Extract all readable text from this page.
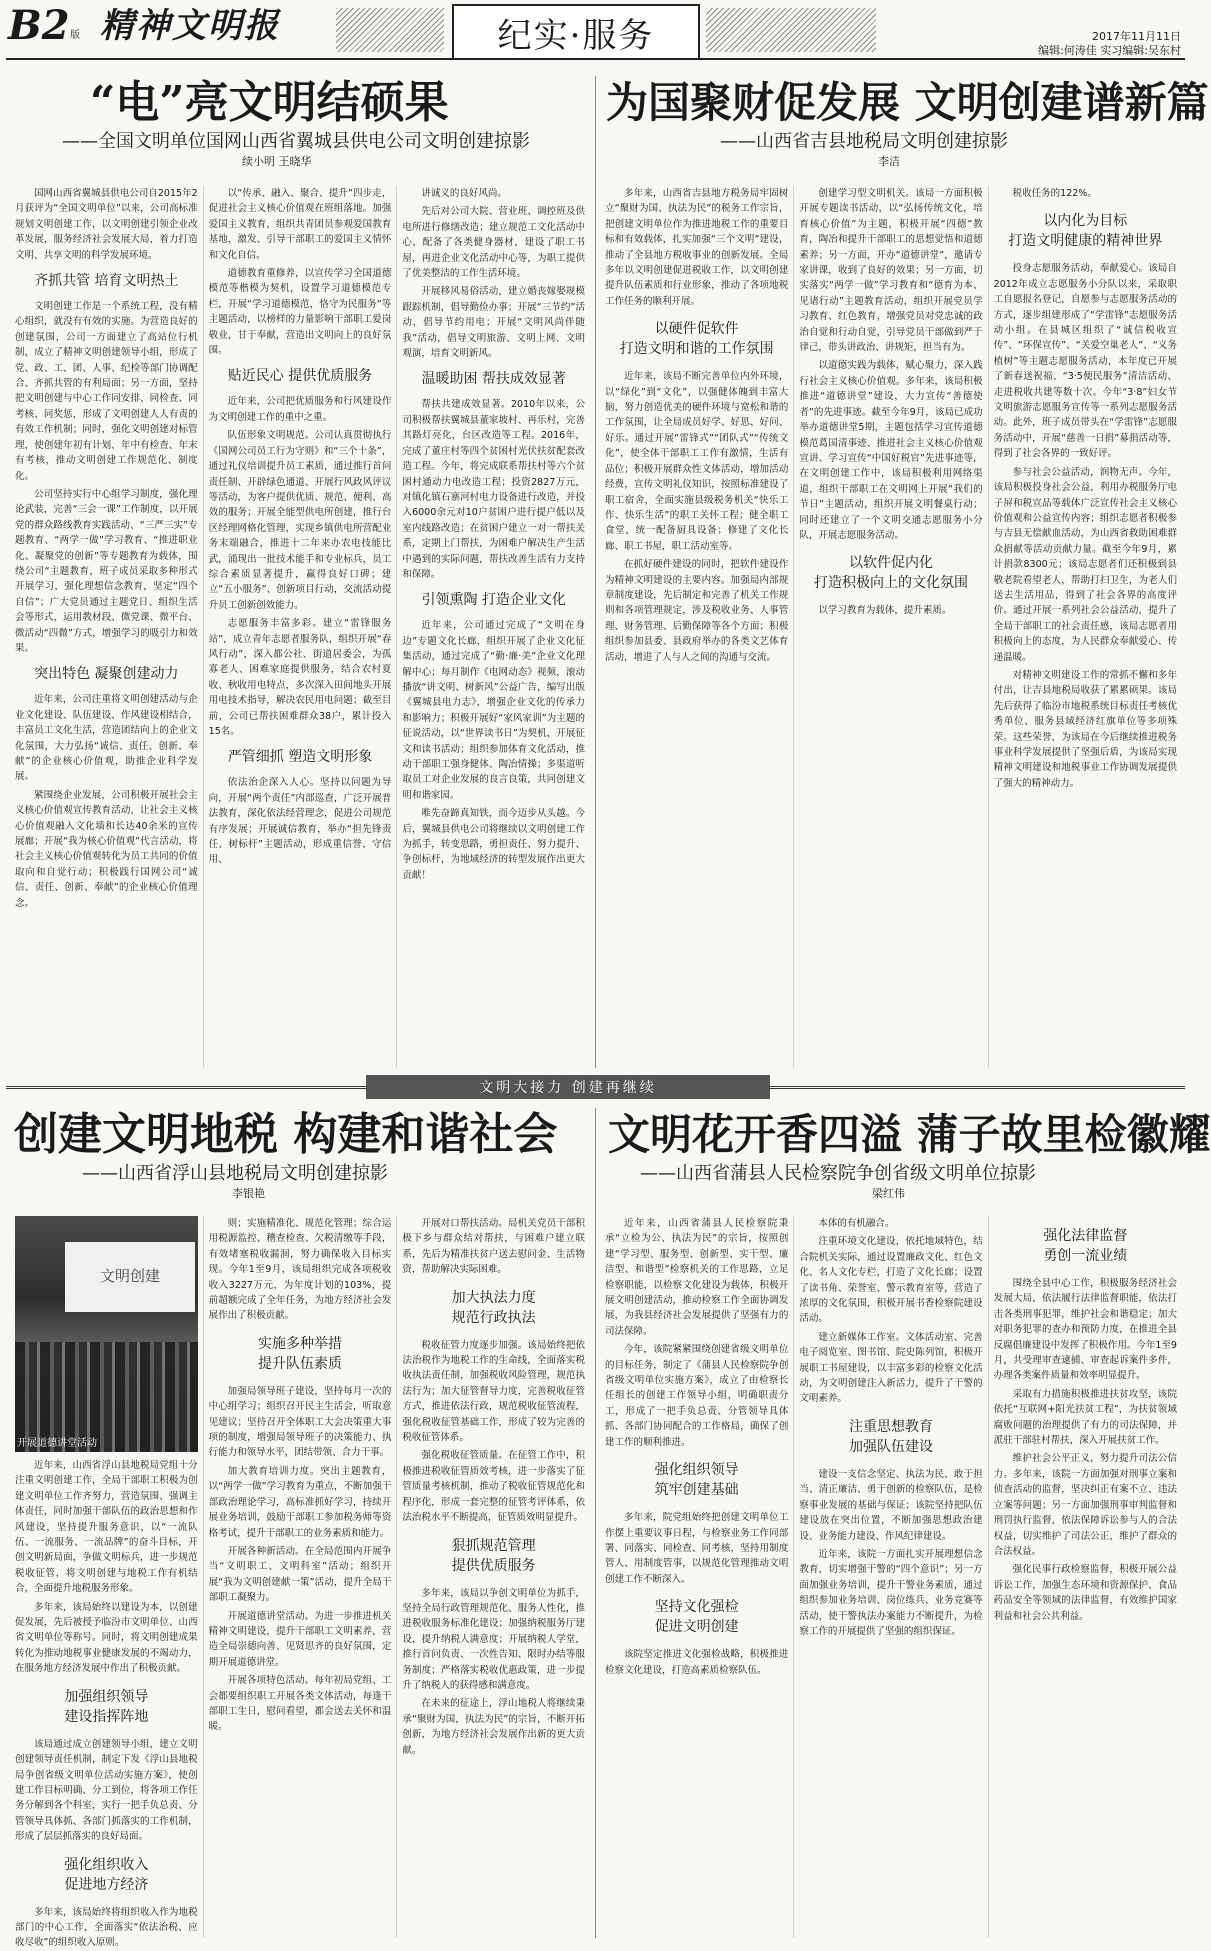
B2 版 精神文明报	纪实·服务	2017年11月11日
编辑:何涛佳 实习编辑:吴东村
“电”亮文明结硕果
——全国文明单位国网山西省翼城县供电公司文明创建掠影
续小明 王晓华

国网山西省翼城县供电公司自2015年2月获评为“全国文明单位”以来，公司高标准规划文明创建工作，以文明创建引领企业改革发展，服务经济社会发展大局，着力打造文明、共享文明的科学发展环境。

齐抓共管 培育文明热土

文明创建工作是一个系统工程，没有精心组织，就没有有效的实施。为营造良好的创建氛围，公司一方面建立了高站位行机制，成立了精神文明创建领导小组，形成了党、政、工、团、人事、纪检等部门协调配合、齐抓共管的有利局面；另一方面，坚持把文明创建与中心工作同安排、同检查、同考核、同奖惩，形成了文明创建人人有责的有效工作机制；同时，强化文明创建对标管理，使创建年初有计划、年中有检查、年末有考核，推动文明创建工作规范化、制度化。

公司坚持实行中心组学习制度，强化理论武装，完善“三会一课”工作制度，以开展党的群众路线教育实践活动、“三严三实”专题教育、“两学一做”学习教育、“推进职业化、凝聚党的创新”等专题教育为载体，围绕公司“主题教育，班子成员采取多种形式开展学习，强化理想信念教育，坚定“四个自信”；广大党员通过主题党日、组织生活会等形式，运用教材段、微党课、微平台、微活动“四微”方式，增强学习的吸引力和效果。

突出特色 凝聚创建动力

近年来，公司注重将文明创建活动与企业文化建设、队伍建设、作风建设相结合，丰富员工文化生活，营造团结向上的企业文化氛围，大力弘扬“诚信、责任、创新、奉献”的企业核心价值观，助推企业科学发展。

紧围绕企业发展，公司积极开展社会主义核心价值观宣传教育活动，让社会主义核心价值观融入文化墙和长达40余米的宣传展廊；开展“我为核心价值观”代言活动，将社会主义核心价值观转化为员工共同的价值取向和自觉行动；积极践行国网公司“诚信、责任、创新、奉献”的企业核心价值理念。

以“传承、融入、聚合、提升”四步走，促进社会主义核心价值观在班组落地。加强爱国主义教育，组织共青团员参观爱国教育基地，激发、引导干部职工的爱国主义情怀和文化自信。

道德教育重修养，以宣传学习全国道德模范等楷模为契机，设置学习道德模范专栏，开展“学习道德模范，恪守为民服务”等主题活动，以榜样的力量影响干部职工爱岗敬业，甘于奉献，营造出文明向上的良好氛围。

贴近民心 提供优质服务

近年来，公司把优质服务和行风建设作为文明创建工作的重中之重。

队伍形象文明规范。公司认真贯彻执行《国网公司员工行为守则》和“三个十条”，通过礼仪培训提升员工素质，通过推行首问责任制、开辟绿色通道、开展行风政风评议等活动，为客户提供优质、规范、便利、高效的服务；开展全能型供电所创建，推行台区经理网格化管理，实现乡镇供电所营配业务末端融合，推进十二年来办农电技能比武，涌现出一批技术能手和专业标兵，员工综合素质显著提升，赢得良好口碑；建立“五小服务”、创新项目行动，交流活动提升员工创新创效能力。

志愿服务丰富多彩。建立“雷锋服务站”，成立青年志愿者服务队，组织开展“春风行动”，深入都公社、街道居委会，为孤寡老人、困难家庭提供服务，结合农村夏收、秋收用电特点，多次深入田间地头开展用电技术指导，解决农民用电问题；截至目前，公司已帮扶困难群众38户，累计投入15名。

严管细抓 塑造文明形象

依法治企深入人心。坚持以问题为导向，开展“两个责任”内部巡查，广泛开展普法教育，深化依法经营理念，促进公司规范有序发展；开展诚信教育，举办“担先锋责任、树标杆”主题活动，形成重信誉、守信用、

讲诚义的良好风尚。

先后对公司大院、营业班、调控班及供电所进行修缮改造；建立规范工文化活动中心，配备了各类健身器材，建设了职工书屋，再进企业文化活动中心等，为职工提供了优美整洁的工作生活环境。

开展移风易俗活动，建立婚丧嫁娶规模跟踪机制，倡导勤俭办事；开展“三节约”活动，倡导节约用电；开展“文明风尚伴随我”活动，倡导文明旅游、文明上网、文明观演，培育文明新风。

温暖助困 帮扶成效显著

帮扶共建成效显著。2010年以来，公司积极帮扶翼城县董家坡村、再乐村，完善其路灯亮化，台区改造等工程。2016年，完成了董庄村等四个贫困村光伏扶贫配套改造工程。今年，将完成联系帮扶村等六个贫困村通动力电改造工程；投资2827万元，对镇化镇石寨河村电力设备进行改造，并投入6000余元对10户贫困户进行提户低以及室内线路改造；在贫困户建立一对一帮扶关系，定期上门帮扶，为困难户解决生产生活中遇到的实际问题，帮扶改善生活有力支持和保障。

引领熏陶 打造企业文化

近年来，公司通过完成了“文明在身边”专题文化长廊，组织开展了企业文化征集活动，通过完成了“勤·廉·美”企业文化理解中心；每月制作《电网动态》视频，滚动播放“讲文明、树新风”公益广告，编写出版《翼城县电力志》，增强企业文化的传承力和影响力；积极开展好“家风家训”为主题的征说活动，以“世界读书日”为契机，开展征文和读书活动；组织参加体育文化活动，推动干部职工强身健体、陶冶情操；多渠道听取员工对企业发展的良言良策，共同创建文明和谐家园。

唯先奋蹄真知铁，而今迈步从头越。今后，翼城县供电公司将继续以文明创建工作为抓手，转变思路，勇担责任、努力提升、争创标杆，为地域经济的转型发展作出更大贡献！

为国聚财促发展 文明创建谱新篇
——山西省吉县地税局文明创建掠影
李洁

多年来，山西省吉县地方税务局牢固树立“聚财为国、执法为民”的税务工作宗旨，把创建文明单位作为推进地税工作的重要目标和有效载体，扎实加强“三个文明”建设，推动了全县地方税收事业的创新发展。全局多年以文明创建促进税收工作，以文明创建提升队伍素质和行业形象，推动了各项地税工作任务的顺利开展。

以硬件促软件
打造文明和谐的工作氛围

近年来，该局不断完善单位内外环境，以“绿化”到“文化”，以强健体魄到丰富大脑，努力创造优美的硬件环境与宽松和谐的工作氛围，让全局成员好学、好思、好问、好乐。通过开展“雷锋式”“团队式”“传统文化”，使全体干部职工工作有激情，生活有品位；积极开展群众性文体活动，增加活动经费，宣传文明礼仪知识，按照标准建设了职工宿舍，全面实施县级税务机关“快乐工作、快乐生活”的职工关怀工程；健全职工食堂，统一配备厨具设备；修建了文化长廊、职工书屋，职工活动室等。

在抓好硬件建设的同时，把软件建设作为精神文明建设的主要内容。加强局内部规章制度建设，先后制定和完善了机关工作规则和各项管理规定，涉及税收业务、人事管理、财务管理、后勤保障等各个方面；积极组织参加县委、县政府举办的各类文艺体育活动，增进了人与人之间的沟通与交流。

创建学习型文明机关。该局一方面积极开展专题读书活动，以“弘扬传统文化，培育核心价值”为主题，积极开展“四德”教育，陶冶和提升干部职工的思想觉悟和道德素养；另一方面，开办“道德讲堂”，邀请专家讲课，收到了良好的效果；另一方面，切实落实“两学一做”学习教育和“德育为本、见诸行动”主题教育活动，组织开展党员学习教育、红色教育，增强党员对党忠诚的政治自觉和行动自觉，引导党员干部做到严于律己，带头讲政治、讲规矩，担当有为。

以道德实践为载体，赋心聚力，深入践行社会主义核心价值观。多年来，该局积极推进“道德讲堂”建设，大力宣传“善德使者”的先进事迹。截至今年9月，该局已成功举办道德讲堂5期，主题包括学习宣传道德模范葛国清事迹、推进社会主义核心价值观宣讲、学习宣传“中国好税官”先进事迹等，在文明创建工作中，该局积极利用网络渠道，组织干部职工在文明网上开展“我们的节日”主题活动，组织开展文明餐桌行动；同时还建立了一个文明交通志愿服务小分队，开展志愿服务活动。

以软件促内化
打造积极向上的文化氛围

以学习教育为载体，提升素质。

税收任务的122%。

以内化为目标
打造文明健康的精神世界

投身志愿服务活动，奉献爱心。该局自2012年成立志愿服务小分队以来，采取职工自愿报名登记，自愿参与志愿服务活动的方式，逐步组建形成了“学雷锋”志愿服务活动小组。在县城区组织了“诚信税收宣传”、“环保宣传”、“关爱空巢老人”、“义务植树”等主题志愿服务活动，本年度已开展了新春送祝福、“3·5便民服务”清洁活动、走进税收共建等数十次。今年“3·8”妇女节文明旅游志愿服务宣传等一系列志愿服务活动。此外，班子成员带头在“学雷锋”志愿服务活动中，开展“慈善一日捐”募捐活动等，得到了社会各界的一致好评。

参与社会公益活动，润物无声。今年，该局积极投身社会公益，利用办税服务厅电子屏和税宣品等载体广泛宣传社会主义核心价值观和公益宣传内容；组织志愿者积极参与吉县无偿献血活动，为山西省救助困难群众捐献等活动贡献力量。截至今年9月，累计捐款8300元；该局志愿者们还积极到县敬老院看望老人，帮助打扫卫生，为老人们送去生活用品，得到了社会各界的高度评价。通过开展一系列社会公益活动，提升了全局干部职工的社会责任感，该局志愿者用积极向上的态度，为人民群众奉献爱心、传递温暖。

对精神文明建设工作的常抓不懈和多年付出，让吉县地税局收获了累累硕果。该局先后获得了临汾市地税系统目标责任考核优秀单位、服务县域经济红旗单位等多项殊荣。这些荣誉，为该局在今后继续推进税务事业科学发展提供了坚强后盾，为该局实现精神文明建设和地税事业工作协调发展提供了强大的精神动力。

文明大接力 创建再继续
创建文明地税 构建和谐社会
——山西省浮山县地税局文明创建掠影
李银艳
文明创建
开展道德讲堂活动

近年来，山西省浮山县地税局党组十分注重文明创建工作，全局干部职工积极为创建文明单位工作齐努力，营造氛围、强调主体责任，同时加强干部队伍的政治思想和作风建设，坚持提升服务意识，以“一流队伍、一流服务、一流品牌”的奋斗目标，开创文明新局面，争做文明标兵，进一步规范税收征管，将文明创建与地税工作有机结合，全面提升地税服务形象。

多年来，该局始终以建设为本，以创建促发展，先后被授予临汾市文明单位、山西省文明单位等称号。同时，将文明创建成果转化为推动地税事业健康发展的不竭动力，在服务地方经济发展中作出了积极贡献。

加强组织领导
建设指挥阵地

该局通过成立创建领导小组，建立文明创建领导责任机制，制定下发《浮山县地税局争创省级文明单位活动实施方案》，使创建工作目标明确、分工到位，将各项工作任务分解到各个科室，实行一把手负总责、分管领导具体抓、各部门抓落实的工作机制，形成了层层抓落实的良好局面。

强化组织收入
促进地方经济

多年来，该局始终将组织收入作为地税部门的中心工作，全面落实“依法治税、应收尽收”的组织收入原则。

则；实施精准化、规范化管理；综合运用税源监控、稽查检查、欠税清缴等手段，有效堵塞税收漏洞，努力确保收入目标实现。今年1至9月，该局组织完成各项税收收入3227万元，为年度计划的103%，提前超额完成了全年任务，为地方经济社会发展作出了积极贡献。

实施多种举措
提升队伍素质

加强局领导班子建设，坚持每月一次的中心组学习；组织召开民主生活会，听取意见建议；坚持召开全体职工大会决策重大事项的制度，增强局领导班子的决策能力、执行能力和领导水平，团结带领、合力干事。

加大教育培训力度。突出主题教育，以“两学一做”学习教育为重点，不断加强干部政治理论学习，高标准抓好学习，持续开展业务培训，鼓励干部职工参加税务师等资格考试，提升干部职工的业务素质和能力。

开展各种新活动。在全局范围内开展争当“文明职工、文明科室”活动；组织开展“我为文明创建献一策”活动，提升全局干部职工凝聚力。

开展道德讲堂活动。为进一步推进机关精神文明建设，提升干部职工文明素养，营造全局崇德向善、见贤思齐的良好氛围，定期开展道德讲堂。

开展各项特色活动。每年初局党组、工会都要组织职工开展各类文体活动，每逢干部职工生日，慰问看望，都会送去关怀和温暖。

开展对口帮扶活动。局机关党员干部积极下乡与群众结对帮扶，与困难户建立联系，先后为精准扶贫户送去慰问金、生活物资，帮助解决实际困难。

加大执法力度
规范行政执法

税收征管力度逐步加强。该局始终把依法治税作为地税工作的生命线，全面落实税收执法责任制，加强税收风险管理，规范执法行为；加大征管督导力度，完善税收征管方式，推进依法行政，规范税收征管流程，强化税收征管基础工作，形成了较为完善的税收征管体系。

强化税收征管质量。在征管工作中，积极推进税收征管质效考核，进一步落实了征管质量考核机制，推动了税收征管规范化和程序化，形成一套完整的征管考评体系，依法治税水平不断提高，征管质效明显提升。

狠抓规范管理
提供优质服务

多年来，该局以争创文明单位为抓手，坚持全局行政管理规范化、服务人性化，推进税收服务标准化建设；加强纳税服务厅建设，提升纳税人满意度；开展纳税人学堂，推行首问负责、一次性告知、限时办结等服务制度；严格落实税收优惠政策，进一步提升了纳税人的获得感和满意度。

在未来的征途上，浮山地税人将继续秉承“聚财为国，执法为民”的宗旨，不断开拓创新，为地方经济社会发展作出新的更大贡献。

文明花开香四溢 蒲子故里检徽耀
——山西省蒲县人民检察院争创省级文明单位掠影
梁红伟

近年来，山西省蒲县人民检察院秉承“立检为公、执法为民”的宗旨，按照创建“学习型、服务型、创新型、实干型、廉洁型、和谐型”检察机关的工作思路，立足检察职能，以检察文化建设为载体，积极开展文明创建活动，推动检察工作全面协调发展，为我县经济社会发展提供了坚强有力的司法保障。

今年，该院紧紧围绕创建省级文明单位的目标任务，制定了《蒲县人民检察院争创省级文明单位实施方案》，成立了由检察长任组长的创建工作领导小组，明确职责分工，形成了一把手负总责、分管领导具体抓、各部门协同配合的工作格局，确保了创建工作的顺利推进。

强化组织领导
筑牢创建基础

多年来，院党组始终把创建文明单位工作摆上重要议事日程，与检察业务工作同部署、同落实、同检查、同考核，坚持用制度管人、用制度管事，以规范化管理推动文明创建工作不断深入。

坚持文化强检
促进文明创建

该院坚定推进文化强检战略，积极推进检察文化建设，打造高素质检察队伍。

本体的有机融合。

注重环境文化建设，依托地域特色，结合院机关实际，通过设置廉政文化、红色文化、名人文化专栏，打造了文化长廊；设置了读书角、荣誉室、警示教育室等，营造了浓厚的文化氛围，积极开展书香检察院建设活动。

建立新媒体工作室。文体活动室、完善电子阅览室、图书馆、院史陈列馆，积极开展职工书屋建设，以丰富多彩的检察文化活动，为文明创建注入新活力，提升了干警的文明素养。

注重思想教育
加强队伍建设

建设一支信念坚定、执法为民、敢于担当、清正廉洁、勇于创新的检察队伍，是检察事业发展的基础与保证；该院坚持把队伍建设放在突出位置，不断加强思想政治建设、业务能力建设、作风纪律建设。

近年来，该院一方面扎实开展理想信念教育，切实增强干警的“四个意识”；另一方面加强业务培训，提升干警业务素质，通过组织参加业务培训、岗位练兵、业务竞赛等活动，使干警执法办案能力不断提升，为检察工作的开展提供了坚强的组织保证。

强化法律监督
勇创一流业绩

围绕全县中心工作，积极服务经济社会发展大局，依法履行法律监督职能，依法打击各类刑事犯罪，维护社会和谐稳定；加大对职务犯罪的查办和预防力度，在推进全县反腐倡廉建设中发挥了积极作用。今年1至9月，共受理审查逮捕、审查起诉案件多件，办理各类案件质量和效率明显提升。

采取有力措施积极推进扶贫攻坚，该院依托“互联网+阳光扶贫工程”，为扶贫领域腐败问题的治理提供了有力的司法保障，并派驻干部驻村帮扶，深入开展扶贫工作。

维护社会公平正义，努力提升司法公信力。多年来，该院一方面加强对刑事立案和侦查活动的监督，坚决纠正有案不立、违法立案等问题；另一方面加强刑事审判监督和刑罚执行监督，依法保障诉讼参与人的合法权益，切实维护了司法公正，维护了群众的合法权益。

强化民事行政检察监督，积极开展公益诉讼工作，加强生态环境和资源保护、食品药品安全等领域的法律监督，有效维护国家利益和社会公共利益。
